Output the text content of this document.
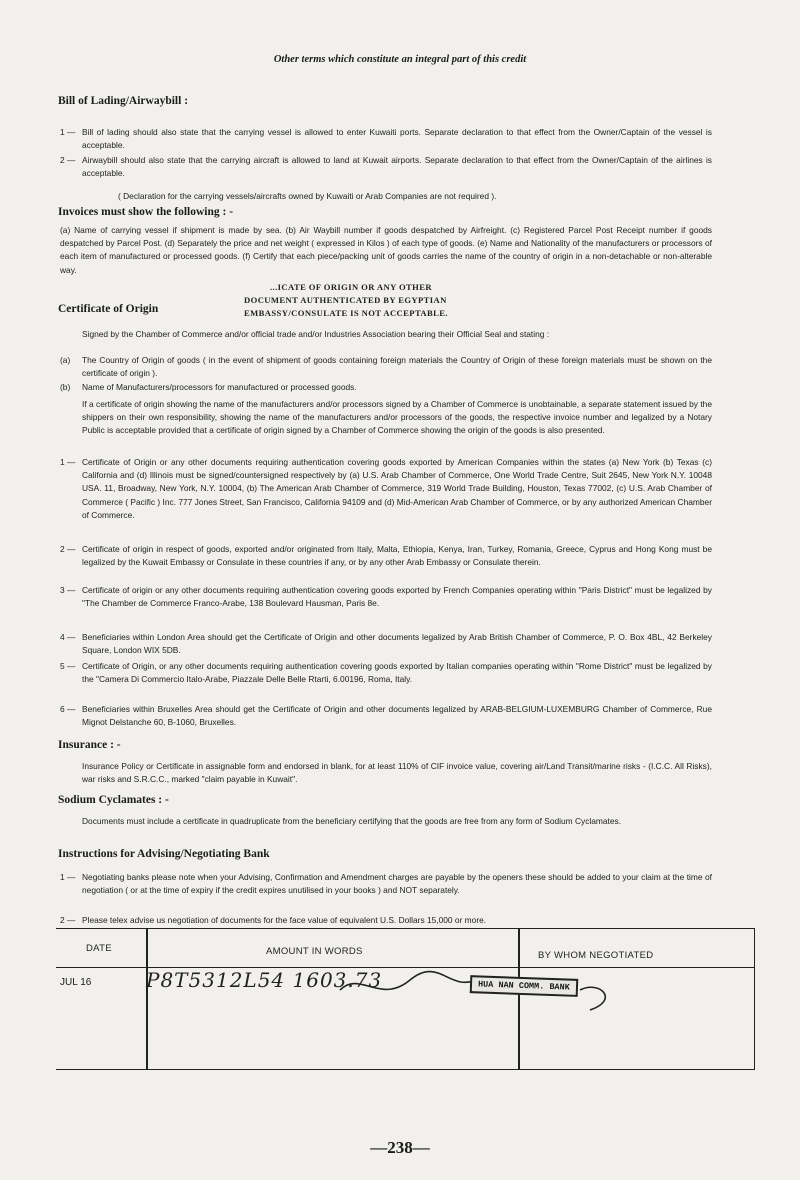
Other terms which constitute an integral part of this credit
Bill of Lading/Airwaybill :
1 — Bill of lading should also state that the carrying vessel is allowed to enter Kuwaiti ports. Separate declaration to that effect from the Owner/Captain of the vessel is acceptable.
2 — Airwaybill should also state that the carrying aircraft is allowed to land at Kuwait airports. Separate declaration to that effect from the Owner/Captain of the airlines is acceptable.
( Declaration for the carrying vessels/aircrafts owned by Kuwaiti or Arab Companies are not required ).
Invoices must show the following : -
(a) Name of carrying vessel if shipment is made by sea. (b) Air Waybill number if goods despatched by Airfreight. (c) Registered Parcel Post Receipt number if goods despatched by Parcel Post. (d) Separately the price and net weight ( expressed in Kilos ) of each type of goods. (e) Name and Nationality of the manufacturers or processors of each item of manufactured or processed goods. (f) Certify that each piece/packing unit of goods carries the name of the country of origin in a non-detachable or non-alterable way.
...ICATE OF ORIGIN OR ANY OTHER
DOCUMENT AUTHENTICATED BY EGYPTIAN
EMBASSY/CONSULATE IS NOT ACCEPTABLE.
Certificate of Origin
Signed by the Chamber of Commerce and/or official trade and/or Industries Association bearing their Official Seal and stating :
(a) The Country of Origin of goods ( in the event of shipment of goods containing foreign materials the Country of Origin of these foreign materials must be shown on the certificate of origin ).
(b) Name of Manufacturers/processors for manufactured or processed goods.
If a certificate of origin showing the name of the manufacturers and/or processors signed by a Chamber of Commerce is unobtainable, a separate statement issued by the shippers on their own responsibility, showing the name of the manufacturers and/or processors of the goods, the respective invoice number and legalized by a Notary Public is acceptable provided that a certificate of origin signed by a Chamber of Commerce showing the origin of the goods is also presented.
1 — Certificate of Origin or any other documents requiring authentication covering goods exported by American Companies within the states (a) New York (b) Texas (c) California and (d) Illinois must be signed/countersigned respectively by (a) U.S. Arab Chamber of Commerce, One World Trade Centre, Suit 2645, New York N.Y. 10048 USA. 11, Broadway, New York, N.Y. 10004, (b) The American Arab Chamber of Commerce, 319 World Trade Building, Houston, Texas 77002, (c) U.S. Arab Chamber of Commerce ( Pacific ) Inc. 777 Jones Street, San Francisco, California 94109 and (d) Mid-American Arab Chamber of Commerce, or by any authorized American Chamber of Commerce.
2 — Certificate of origin in respect of goods, exported and/or originated from Italy, Malta, Ethiopia, Kenya, Iran, Turkey, Romania, Greece, Cyprus and Hong Kong must be legalized by the Kuwait Embassy or Consulate in these countries if any, or by any other Arab Embassy or Consulate therein.
3 — Certificate of origin or any other documents requiring authentication covering goods exported by French Companies operating within "Paris District" must be legalized by "The Chamber de Commerce Franco-Arabe, 138 Boulevard Hausman, Paris 8e.
4 — Beneficiaries within London Area should get the Certificate of Origin and other documents legalized by Arab British Chamber of Commerce, P. O. Box 4BL, 42 Berkeley Square, London WIX 5DB.
5 — Certificate of Origin, or any other documents requiring authentication covering goods exported by Italian companies operating within "Rome District" must be legalized by the "Camera Di Commercio Italo-Arabe, Piazzale Delle Belle Rtarti, 6.00196, Roma, Italy.
6 — Beneficiaries within Bruxelles Area should get the Certificate of Origin and other documents legalized by ARAB-BELGIUM-LUXEMBURG Chamber of Commerce, Rue Mignot Delstanche 60, B-1060, Bruxelles.
Insurance : -
Insurance Policy or Certificate in assignable form and endorsed in blank, for at least 110% of CIF invoice value, covering air/Land Transit/marine risks - (I.C.C. All Risks), war risks and S.R.C.C., marked "claim payable in Kuwait".
Sodium Cyclamates : -
Documents must include a certificate in quadruplicate from the beneficiary certifying that the goods are free from any form of Sodium Cyclamates.
Instructions for Advising/Negotiating Bank
1 — Negotiating banks please note when your Advising, Confirmation and Amendment charges are payable by the openers these should be added to your claim at the time of negotiation ( or at the time of expiry if the credit expires unutilised in your books ) and NOT separately.
2 — Please telex advise us negotiation of documents for the face value of equivalent U.S. Dollars 15,000 or more.
DATE	AMOUNT IN WORDS	BY WHOM NEGOTIATED
JUL 16	P8T5312L54 1603.73	HUA NAN COMM. BANK
—238—
